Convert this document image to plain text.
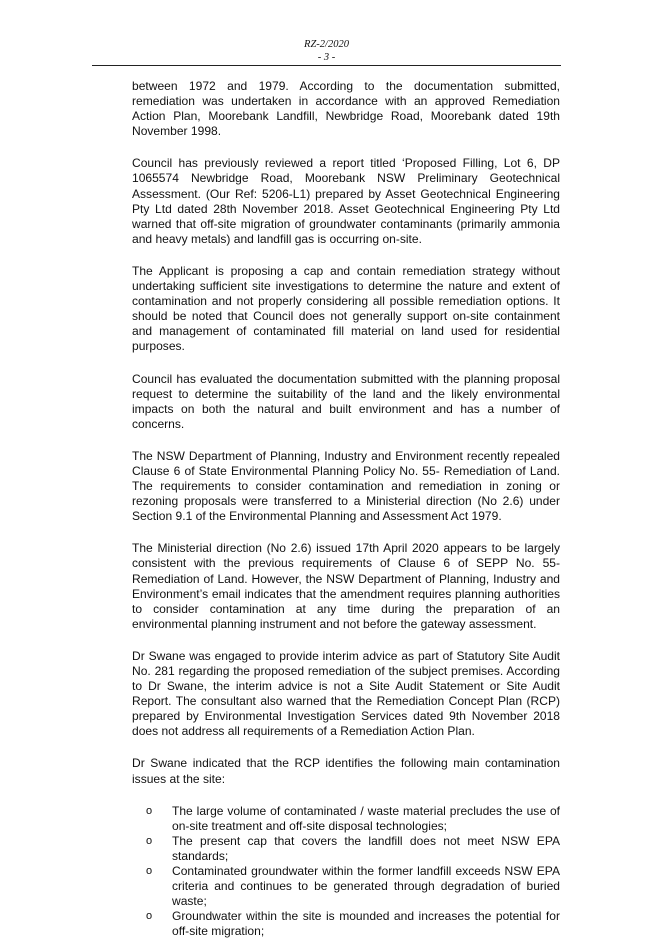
RZ-2/2020
- 3 -

between 1972 and 1979. According to the documentation submitted, remediation was undertaken in accordance with an approved Remediation Action Plan, Moorebank Landfill, Newbridge Road, Moorebank dated 19th November 1998.

Council has previously reviewed a report titled ‘Proposed Filling, Lot 6, DP 1065574 Newbridge Road, Moorebank NSW Preliminary Geotechnical Assessment. (Our Ref: 5206-L1) prepared by Asset Geotechnical Engineering Pty Ltd dated 28th November 2018. Asset Geotechnical Engineering Pty Ltd warned that off-site migration of groundwater contaminants (primarily ammonia and heavy metals) and landfill gas is occurring on-site.

The Applicant is proposing a cap and contain remediation strategy without undertaking sufficient site investigations to determine the nature and extent of contamination and not properly considering all possible remediation options. It should be noted that Council does not generally support on-site containment and management of contaminated fill material on land used for residential purposes.

Council has evaluated the documentation submitted with the planning proposal request to determine the suitability of the land and the likely environmental impacts on both the natural and built environment and has a number of concerns.

The NSW Department of Planning, Industry and Environment recently repealed Clause 6 of State Environmental Planning Policy No. 55- Remediation of Land. The requirements to consider contamination and remediation in zoning or rezoning proposals were transferred to a Ministerial direction (No 2.6) under Section 9.1 of the Environmental Planning and Assessment Act 1979.

The Ministerial direction (No 2.6) issued 17th April 2020 appears to be largely consistent with the previous requirements of Clause 6 of SEPP No. 55- Remediation of Land. However, the NSW Department of Planning, Industry and Environment’s email indicates that the amendment requires planning authorities to consider contamination at any time during the preparation of an environmental planning instrument and not before the gateway assessment.

Dr Swane was engaged to provide interim advice as part of Statutory Site Audit No. 281 regarding the proposed remediation of the subject premises. According to Dr Swane, the interim advice is not a Site Audit Statement or Site Audit Report. The consultant also warned that the Remediation Concept Plan (RCP) prepared by Environmental Investigation Services dated 9th November 2018 does not address all requirements of a Remediation Action Plan.

Dr Swane indicated that the RCP identifies the following main contamination issues at the site:

o The large volume of contaminated / waste material precludes the use of on-site treatment and off-site disposal technologies;
o The present cap that covers the landfill does not meet NSW EPA standards;
o Contaminated groundwater within the former landfill exceeds NSW EPA criteria and continues to be generated through degradation of buried waste;
o Groundwater within the site is mounded and increases the potential for off-site migration;
